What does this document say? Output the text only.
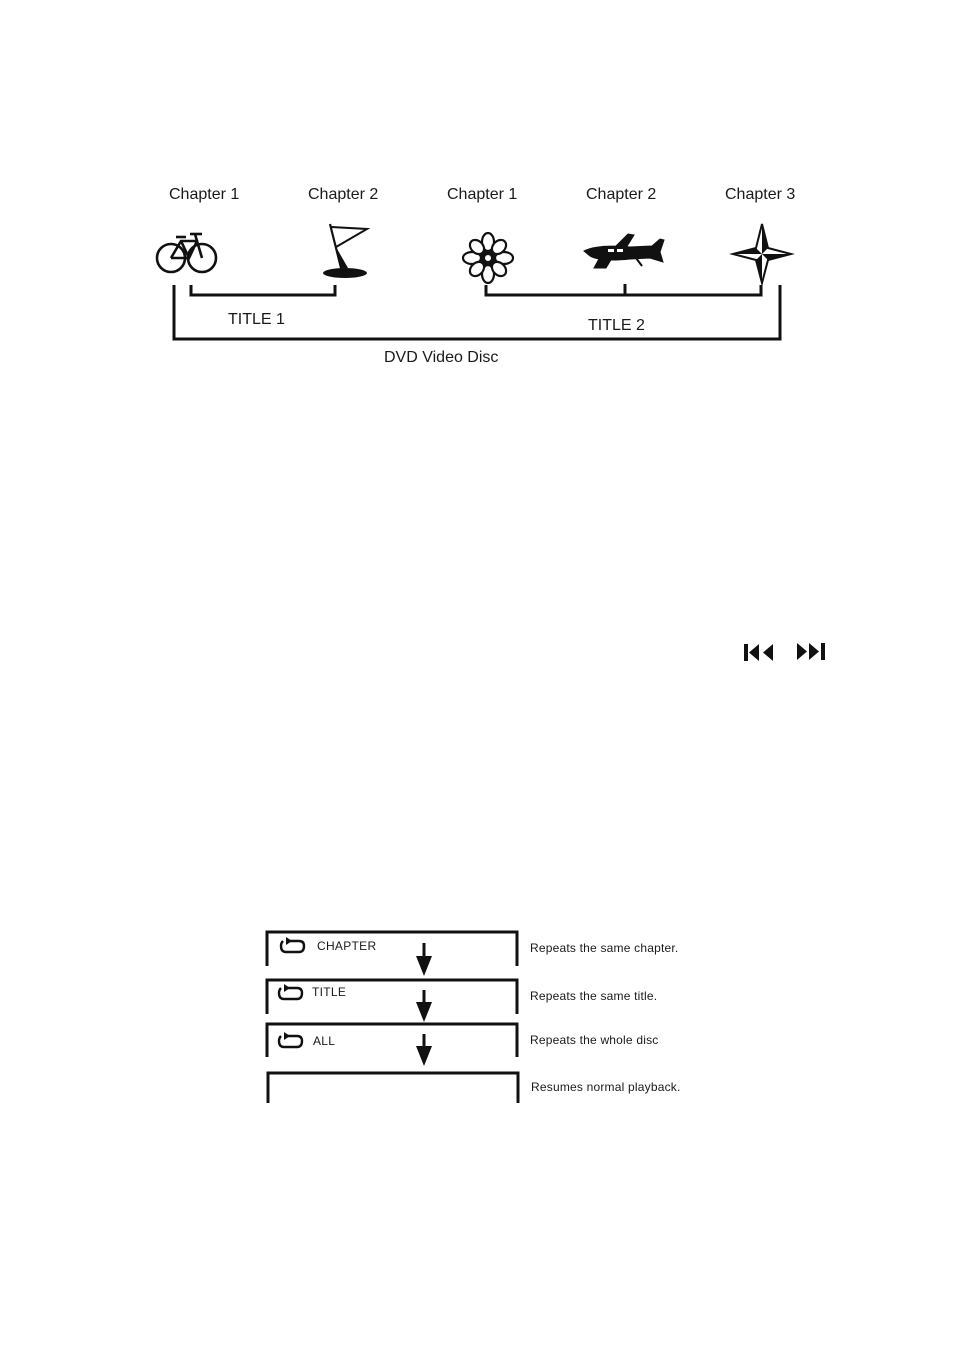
Chapter 1	Chapter 2	Chapter 1	Chapter 2	Chapter 3
TITLE 1	TITLE 2
DVD Video Disc
CHAPTER
TITLE
ALL
Repeats the same chapter.
Repeats the same title.
Repeats the whole disc
Resumes normal playback.
